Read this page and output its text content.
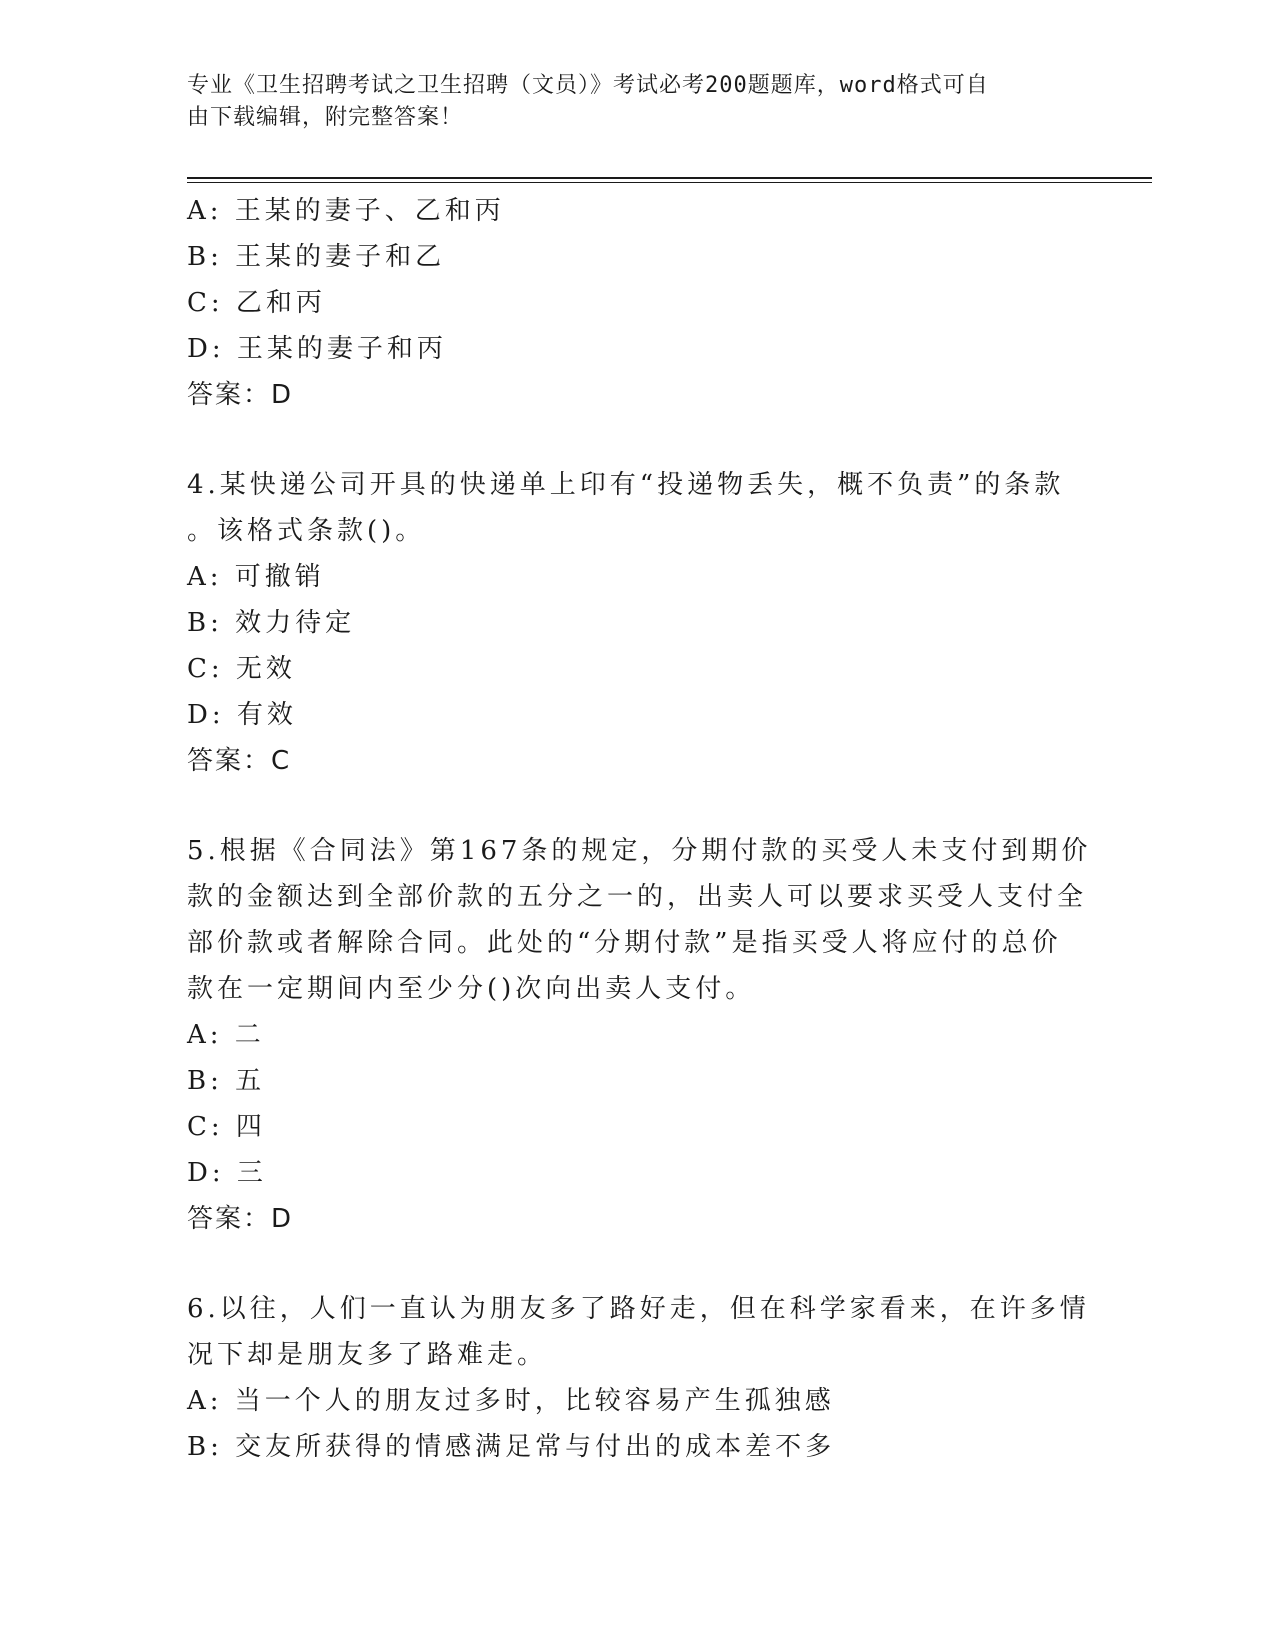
专业《卫生招聘考试之卫生招聘（文员）》考试必考200题题库，word格式可自
由下载编辑，附完整答案！
A: 王某的妻子、乙和丙
B: 王某的妻子和乙
C: 乙和丙
D: 王某的妻子和丙
答案：D
4.某快递公司开具的快递单上印有“投递物丢失，概不负责”的条款
。该格式条款()。
A: 可撤销
B: 效力待定
C: 无效
D: 有效
答案：C
5.根据《合同法》第167条的规定，分期付款的买受人未支付到期价
款的金额达到全部价款的五分之一的，出卖人可以要求买受人支付全
部价款或者解除合同。此处的“分期付款”是指买受人将应付的总价
款在一定期间内至少分()次向出卖人支付。
A: 二
B: 五
C: 四
D: 三
答案：D
6.以往，人们一直认为朋友多了路好走，但在科学家看来，在许多情
况下却是朋友多了路难走。
A: 当一个人的朋友过多时，比较容易产生孤独感
B: 交友所获得的情感满足常与付出的成本差不多
